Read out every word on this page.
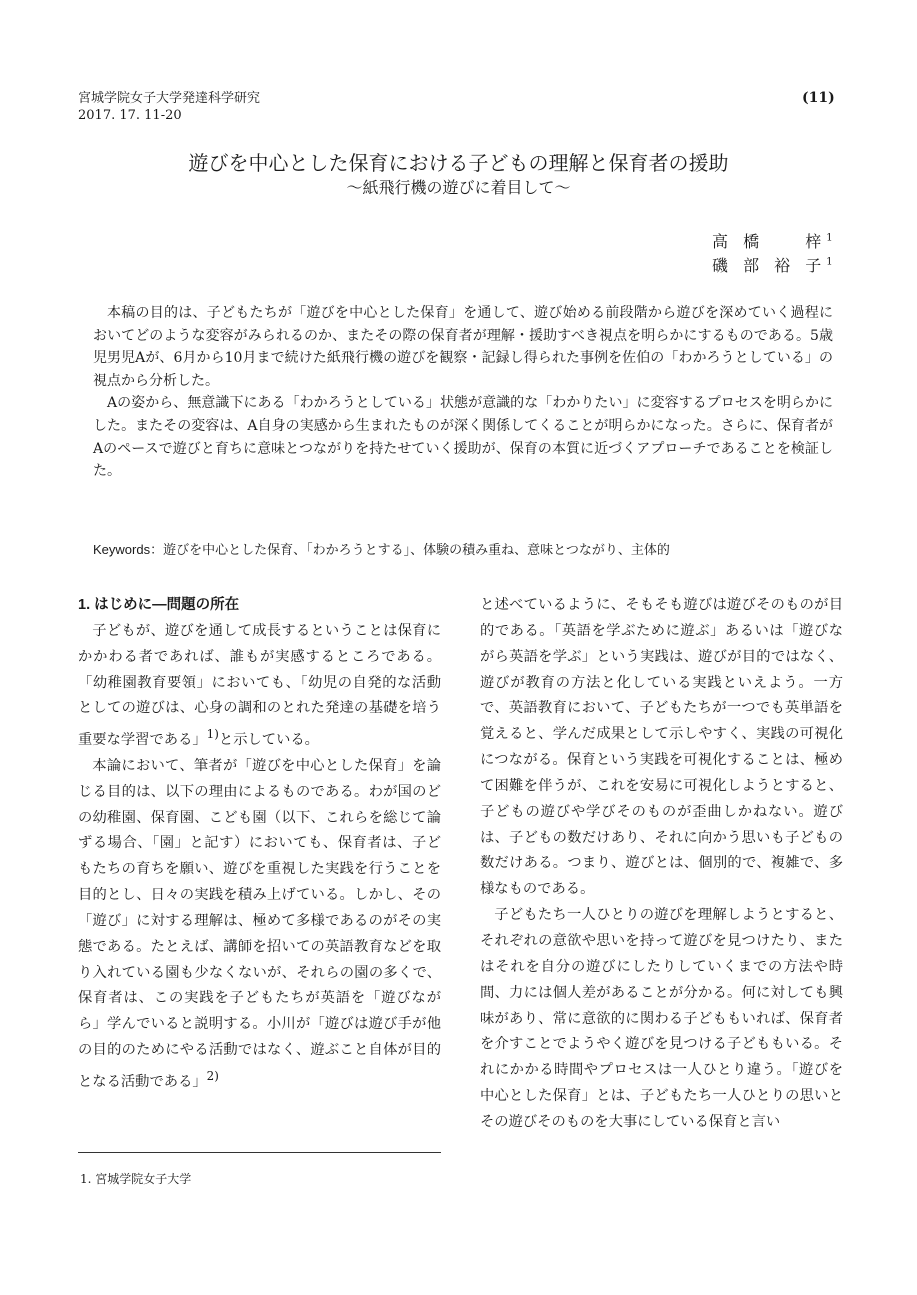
宮城学院女子大学発達科学研究
2017. 17. 11-20
(11)
遊びを中心とした保育における子どもの理解と保育者の援助
〜紙飛行機の遊びに着目して〜
高 橋 　 梓$^1$
磯 部 裕 子$^1$

本稿の目的は、子どもたちが「遊びを中心とした保育」を通して、遊び始める前段階から遊びを深めていく過程においてどのような変容がみられるのか、またその際の保育者が理解・援助すべき視点を明らかにするものである。5歳児男児Aが、6月から10月まで続けた紙飛行機の遊びを観察・記録し得られた事例を佐伯の「わかろうとしている」の視点から分析した。

Aの姿から、無意識下にある「わかろうとしている」状態が意識的な「わかりたい」に変容するプロセスを明らかにした。またその変容は、A自身の実感から生まれたものが深く関係してくることが明らかになった。さらに、保育者がAのペースで遊びと育ちに意味とつながりを持たせていく援助が、保育の本質に近づくアプローチであることを検証した。

Keywords：遊びを中心とした保育、「わかろうとする」、体験の積み重ね、意味とつながり、主体的
1. はじめに―問題の所在

子どもが、遊びを通して成長するということは保育にかかわる者であれば、誰もが実感するところである。「幼稚園教育要領」においても、「幼児の自発的な活動としての遊びは、心身の調和のとれた発達の基礎を培う重要な学習である」$^{1)}$と示している。

本論において、筆者が「遊びを中心とした保育」を論じる目的は、以下の理由によるものである。わが国のどの幼稚園、保育園、こども園（以下、これらを総じて論ずる場合、「園」と記す）においても、保育者は、子どもたちの育ちを願い、遊びを重視した実践を行うことを目的とし、日々の実践を積み上げている。しかし、その「遊び」に対する理解は、極めて多様であるのがその実態である。たとえば、講師を招いての英語教育などを取り入れている園も少なくないが、それらの園の多くで、保育者は、この実践を子どもたちが英語を「遊びながら」学んでいると説明する。小川が「遊びは遊び手が他の目的のためにやる活動ではなく、遊ぶこと自体が目的となる活動である」$^{2)}$

と述べているように、そもそも遊びは遊びそのものが目的である。「英語を学ぶために遊ぶ」あるいは「遊びながら英語を学ぶ」という実践は、遊びが目的ではなく、遊びが教育の方法と化している実践といえよう。一方で、英語教育において、子どもたちが一つでも英単語を覚えると、学んだ成果として示しやすく、実践の可視化につながる。保育という実践を可視化することは、極めて困難を伴うが、これを安易に可視化しようとすると、子どもの遊びや学びそのものが歪曲しかねない。遊びは、子どもの数だけあり、それに向かう思いも子どもの数だけある。つまり、遊びとは、個別的で、複雑で、多様なものである。

子どもたち一人ひとりの遊びを理解しようとすると、それぞれの意欲や思いを持って遊びを見つけたり、またはそれを自分の遊びにしたりしていくまでの方法や時間、力には個人差があることが分かる。何に対しても興味があり、常に意欲的に関わる子どももいれば、保育者を介すことでようやく遊びを見つける子どももいる。それにかかる時間やプロセスは一人ひとり違う。「遊びを中心とした保育」とは、子どもたち一人ひとりの思いとその遊びそのものを大事にしている保育と言い

1. 宮城学院女子大学
